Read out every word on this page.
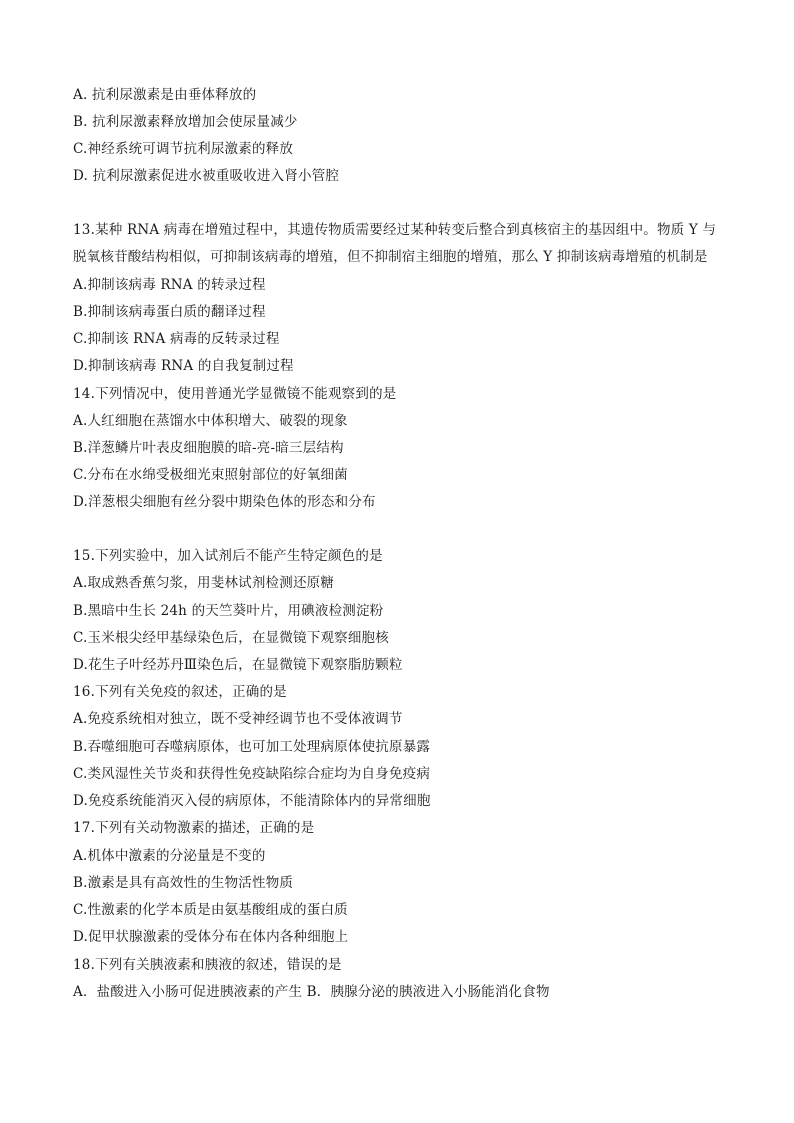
A. 抗利尿激素是由垂体释放的
B. 抗利尿激素释放增加会使尿量减少
C.神经系统可调节抗利尿激素的释放
D. 抗利尿激素促进水被重吸收进入肾小管腔
13.某种 RNA 病毒在增殖过程中，其遗传物质需要经过某种转变后整合到真核宿主的基因组中。物质 Y 与
脱氧核苷酸结构相似，可抑制该病毒的增殖，但不抑制宿主细胞的增殖，那么 Y 抑制该病毒增殖的机制是
A.抑制该病毒 RNA 的转录过程
B.抑制该病毒蛋白质的翻译过程
C.抑制该 RNA 病毒的反转录过程
D.抑制该病毒 RNA 的自我复制过程
14.下列情况中，使用普通光学显微镜不能观察到的是
A.人红细胞在蒸馏水中体积增大、破裂的现象
B.洋葱鳞片叶表皮细胞膜的暗-亮-暗三层结构
C.分布在水绵受极细光束照射部位的好氧细菌
D.洋葱根尖细胞有丝分裂中期染色体的形态和分布
15.下列实验中，加入试剂后不能产生特定颜色的是
A.取成熟香蕉匀浆，用斐林试剂检测还原糖
B.黑暗中生长 24h 的天竺葵叶片，用碘液检测淀粉
C.玉米根尖经甲基绿染色后，在显微镜下观察细胞核
D.花生子叶经苏丹Ⅲ染色后，在显微镜下观察脂肪颗粒
16.下列有关免疫的叙述，正确的是
A.免疫系统相对独立，既不受神经调节也不受体液调节
B.吞噬细胞可吞噬病原体，也可加工处理病原体使抗原暴露
C.类风湿性关节炎和获得性免疫缺陷综合症均为自身免疫病
D.免疫系统能消灭入侵的病原体，不能清除体内的异常细胞
17.下列有关动物激素的描述，正确的是
A.机体中激素的分泌量是不变的
B.激素是具有高效性的生物活性物质
C.性激素的化学本质是由氨基酸组成的蛋白质
D.促甲状腺激素的受体分布在体内各种细胞上
18.下列有关胰液素和胰液的叙述，错误的是
A．盐酸进入小肠可促进胰液素的产生 B．胰腺分泌的胰液进入小肠能消化食物
